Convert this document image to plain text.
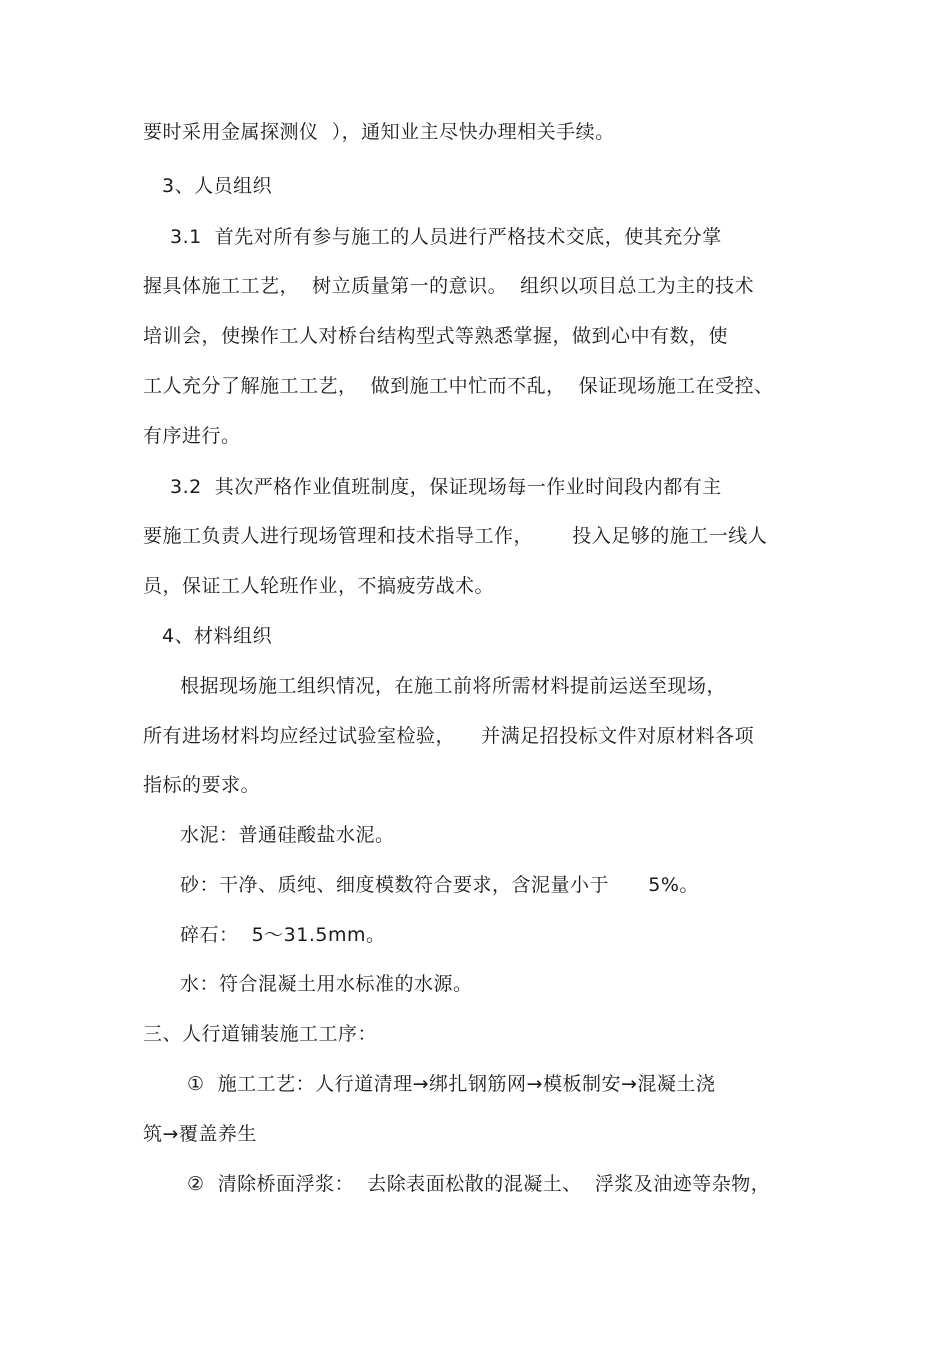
要时采用金属探测仪  ），通知业主尽快办理相关手续。
3、人员组织
3.1  首先对所有参与施工的人员进行严格技术交底，使其充分掌
握具体施工工艺，  树立质量第一的意识。  组织以项目总工为主的技术
培训会，使操作工人对桥台结构型式等熟悉掌握，做到心中有数，使
工人充分了解施工工艺，  做到施工中忙而不乱，  保证现场施工在受控、
有序进行。
3.2  其次严格作业值班制度，保证现场每一作业时间段内都有主
要施工负责人进行现场管理和技术指导工作，      投入足够的施工一线人
员，保证工人轮班作业，不搞疲劳战术。
4、材料组织
根据现场施工组织情况，在施工前将所需材料提前运送至现场，
所有进场材料均应经过试验室检验，    并满足招投标文件对原材料各项
指标的要求。
水泥：普通硅酸盐水泥。
砂：干净、质纯、细度模数符合要求，含泥量小于      5%。
碎石：  5～31.5mm。
水：符合混凝土用水标准的水源。
三、人行道铺装施工工序：
①  施工工艺：人行道清理→绑扎钢筋网→模板制安→混凝土浇
筑→覆盖养生
②  清除桥面浮浆：  去除表面松散的混凝土、  浮浆及油迹等杂物，
